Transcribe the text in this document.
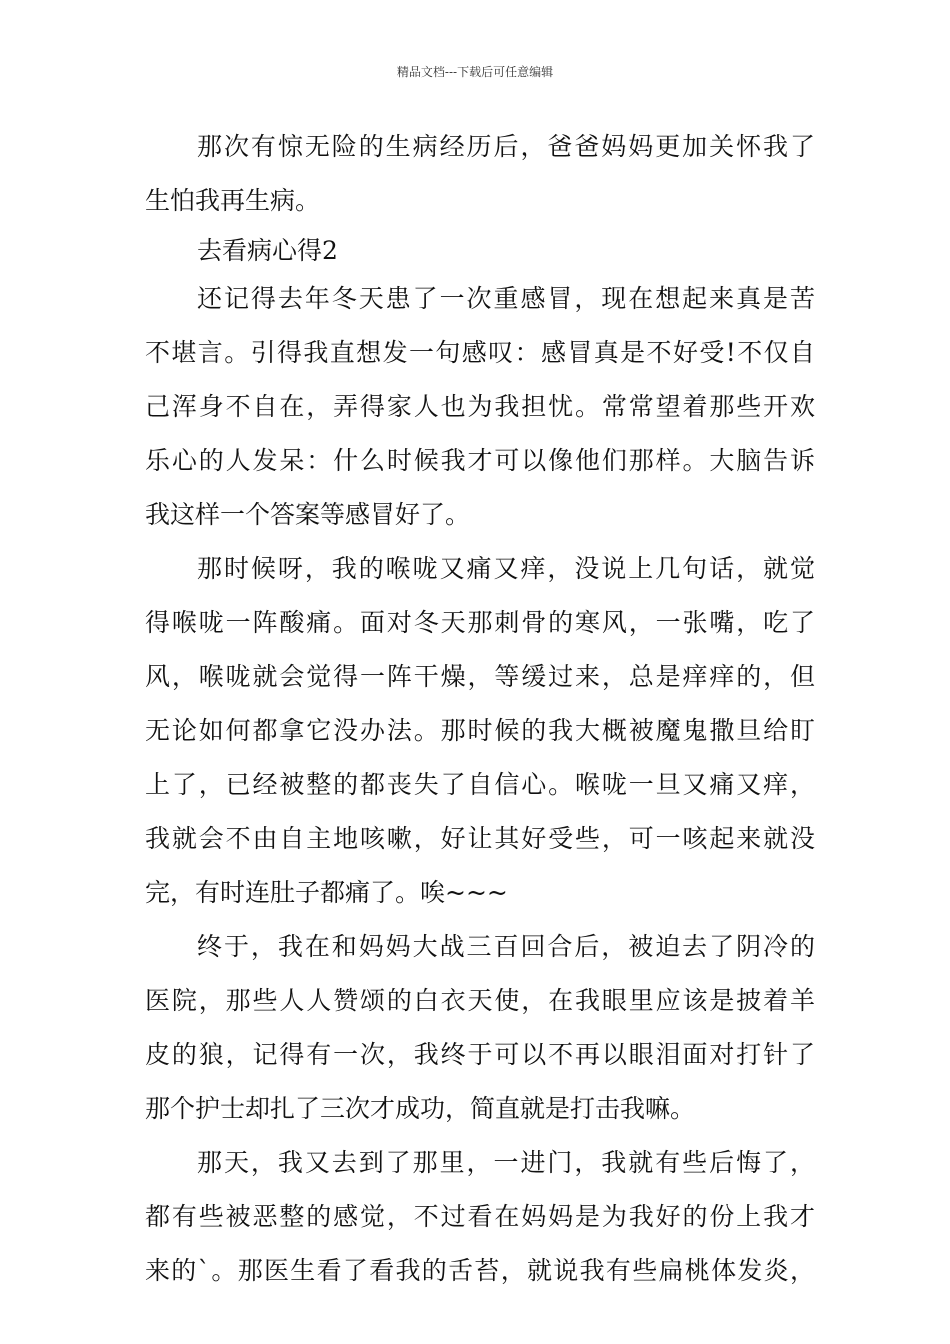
精品文档---下载后可任意编辑
那次有惊无险的生病经历后，爸爸妈妈更加关怀我了
生怕我再生病。
去看病心得2
还记得去年冬天患了一次重感冒，现在想起来真是苦
不堪言。引得我直想发一句感叹：感冒真是不好受!不仅自
己浑身不自在，弄得家人也为我担忧。常常望着那些开欢
乐心的人发呆：什么时候我才可以像他们那样。大脑告诉
我这样一个答案等感冒好了。
那时候呀，我的喉咙又痛又痒，没说上几句话，就觉
得喉咙一阵酸痛。面对冬天那刺骨的寒风，一张嘴，吃了
风，喉咙就会觉得一阵干燥，等缓过来，总是痒痒的，但
无论如何都拿它没办法。那时候的我大概被魔鬼撒旦给盯
上了，已经被整的都丧失了自信心。喉咙一旦又痛又痒，
我就会不由自主地咳嗽，好让其好受些，可一咳起来就没
完，有时连肚子都痛了。唉~~~
终于，我在和妈妈大战三百回合后，被迫去了阴冷的
医院，那些人人赞颂的白衣天使，在我眼里应该是披着羊
皮的狼，记得有一次，我终于可以不再以眼泪面对打针了
那个护士却扎了三次才成功，简直就是打击我嘛。
那天，我又去到了那里，一进门，我就有些后悔了，
都有些被恶整的感觉，不过看在妈妈是为我好的份上我才
来的`。那医生看了看我的舌苔，就说我有些扁桃体发炎，
